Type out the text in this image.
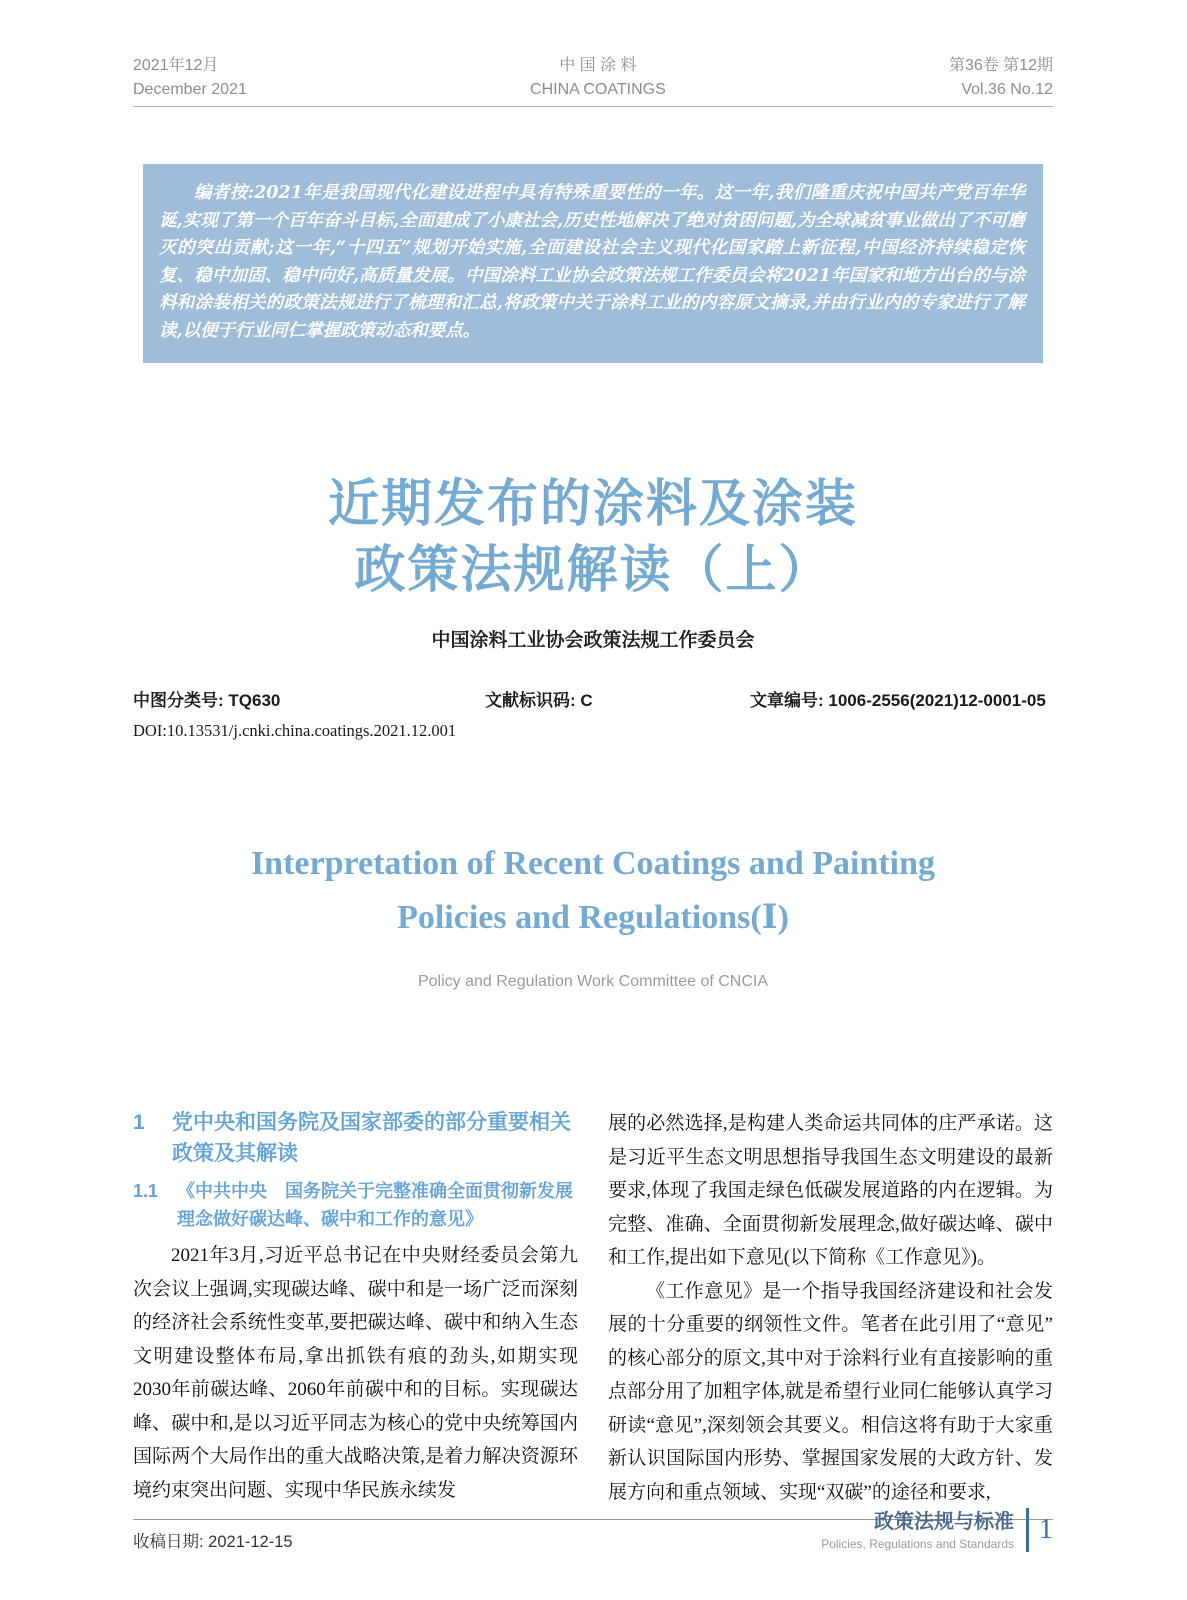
2021年12月
December 2021
中 国 涂 料
CHINA COATINGS
第36卷 第12期
Vol.36 No.12

编者按:2021年是我国现代化建设进程中具有特殊重要性的一年。这一年,我们隆重庆祝中国共产党百年华诞,实现了第一个百年奋斗目标,全面建成了小康社会,历史性地解决了绝对贫困问题,为全球减贫事业做出了不可磨灭的突出贡献;这一年,“十四五”规划开始实施,全面建设社会主义现代化国家踏上新征程,中国经济持续稳定恢复、稳中加固、稳中向好,高质量发展。中国涂料工业协会政策法规工作委员会将2021年国家和地方出台的与涂料和涂装相关的政策法规进行了梳理和汇总,将政策中关于涂料工业的内容原文摘录,并由行业内的专家进行了解读,以便于行业同仁掌握政策动态和要点。

近期发布的涂料及涂装
政策法规解读（上）
中国涂料工业协会政策法规工作委员会
中图分类号: TQ630	文献标识码: C	文章编号: 1006-2556(2021)12-0001-05
DOI:10.13531/j.cnki.china.coatings.2021.12.001
Interpretation of Recent Coatings and Painting
Policies and Regulations(Ⅰ)
Policy and Regulation Work Committee of CNCIA
1	党中央和国务院及国家部委的部分重要相关政策及其解读
1.1	《中共中央　国务院关于完整准确全面贯彻新发展理念做好碳达峰、碳中和工作的意见》

2021年3月,习近平总书记在中央财经委员会第九次会议上强调,实现碳达峰、碳中和是一场广泛而深刻的经济社会系统性变革,要把碳达峰、碳中和纳入生态文明建设整体布局,拿出抓铁有痕的劲头,如期实现2030年前碳达峰、2060年前碳中和的目标。实现碳达峰、碳中和,是以习近平同志为核心的党中央统筹国内国际两个大局作出的重大战略决策,是着力解决资源环境约束突出问题、实现中华民族永续发

展的必然选择,是构建人类命运共同体的庄严承诺。这是习近平生态文明思想指导我国生态文明建设的最新要求,体现了我国走绿色低碳发展道路的内在逻辑。为完整、准确、全面贯彻新发展理念,做好碳达峰、碳中和工作,提出如下意见(以下简称《工作意见》)。

《工作意见》是一个指导我国经济建设和社会发展的十分重要的纲领性文件。笔者在此引用了“意见”的核心部分的原文,其中对于涂料行业有直接影响的重点部分用了加粗字体,就是希望行业同仁能够认真学习研读“意见”,深刻领会其要义。相信这将有助于大家重新认识国际国内形势、掌握国家发展的大政方针、发展方向和重点领域、实现“双碳”的途径和要求,

收稿日期: 2021-12-15
政策法规与标准
Policies, Regulations and Standards 1
